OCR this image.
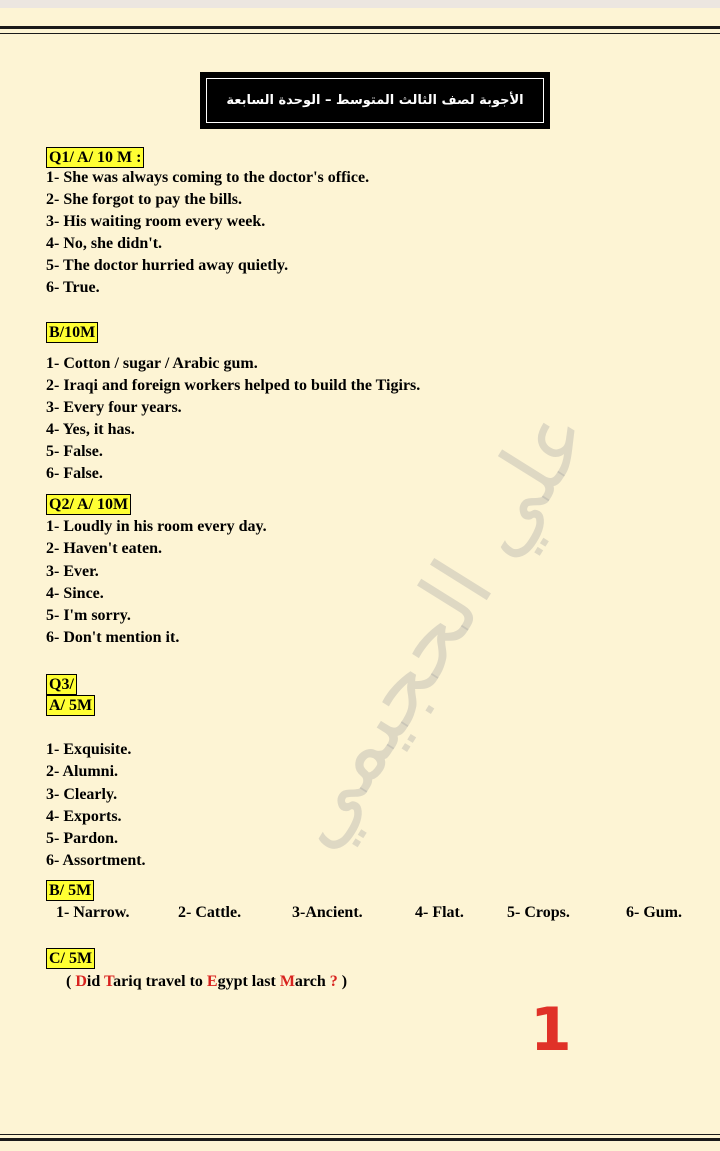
الأجوبة لصف الثالث المتوسط – الوحدة السابعة
علي الحجيمي
Q1/ A/ 10 M :
1- She was always coming to the doctor's office.
2- She forgot to pay the bills.
3- His waiting room every week.
4- No, she didn't.
5- The doctor hurried away quietly.
6- True.
B/10M
1- Cotton / sugar / Arabic gum.
2- Iraqi and foreign workers helped to build the Tigirs.
3- Every four years.
4- Yes, it has.
5- False.
6- False.
Q2/ A/ 10M
1- Loudly in his room every day.
2- Haven't eaten.
3- Ever.
4- Since.
5- I'm sorry.
6- Don't mention it.
Q3/
A/ 5M
1- Exquisite.
2- Alumni.
3- Clearly.
4- Exports.
5- Pardon.
6- Assortment.
B/ 5M
1- Narrow.	2- Cattle.	3-Ancient.	4- Flat.	5- Crops.	6- Gum.
C/ 5M
( Did Tariq travel to Egypt last March ? )
1
